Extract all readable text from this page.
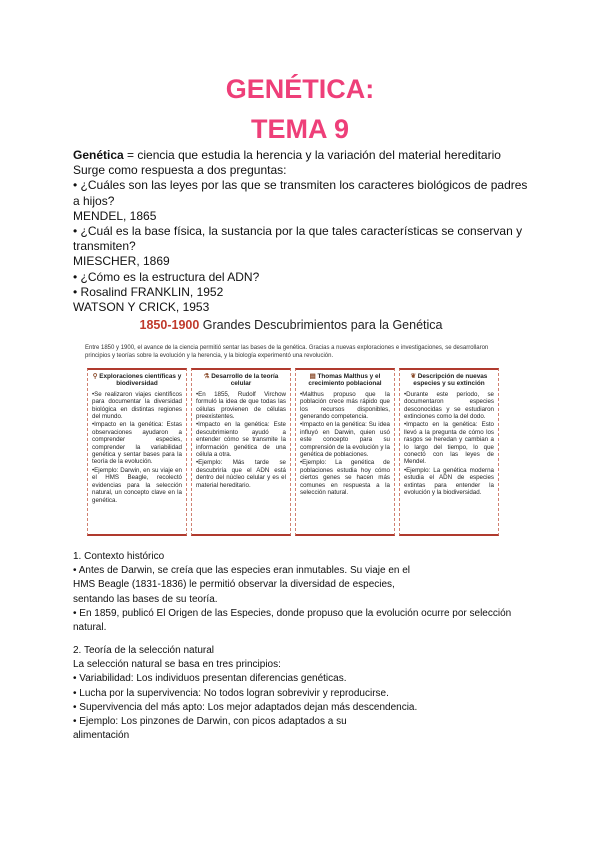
GENÉTICA:
TEMA 9

Genética = ciencia que estudia la herencia y la variación del material hereditario

Surge como respuesta a dos preguntas:

• ¿Cuáles son las leyes por las que se transmiten los caracteres biológicos de padres a hijos?

MENDEL, 1865

• ¿Cuál es la base física, la sustancia por la que tales características se conservan y transmiten?

MIESCHER, 1869

• ¿Cómo es la estructura del ADN?

• Rosalind FRANKLIN, 1952

WATSON Y CRICK, 1953

1850-1900 Grandes Descubrimientos para la Genética
Entre 1850 y 1900, el avance de la ciencia permitió sentar las bases de la genética. Gracias a nuevas exploraciones e investigaciones, se desarrollaron principios y teorías sobre la evolución y la herencia, y la biología experimentó una revolución.
⚲ Exploraciones científicas y biodiversidad

•Se realizaron viajes científicos para documentar la diversidad biológica en distintas regiones del mundo.

•Impacto en la genética: Estas observaciones ayudaron a comprender especies, comprender la variabilidad genética y sentar bases para la teoría de la evolución.

•Ejemplo: Darwin, en su viaje en el HMS Beagle, recolectó evidencias para la selección natural, un concepto clave en la genética.

⚗ Desarrollo de la teoría celular

•En 1855, Rudolf Virchow formuló la idea de que todas las células provienen de células preexistentes.

•Impacto en la genética: Este descubrimiento ayudó a entender cómo se transmite la información genética de una célula a otra.

•Ejemplo: Más tarde se descubriría que el ADN está dentro del núcleo celular y es el material hereditario.

▤ Thomas Malthus y el crecimiento poblacional

•Malthus propuso que la población crece más rápido que los recursos disponibles, generando competencia.

•Impacto en la genética: Su idea influyó en Darwin, quien usó este concepto para su comprensión de la evolución y la genética de poblaciones.

•Ejemplo: La genética de poblaciones estudia hoy cómo ciertos genes se hacen más comunes en respuesta a la selección natural.

❦ Descripción de nuevas especies y su extinción

•Durante este período, se documentaron especies desconocidas y se estudiaron extinciones como la del dodo.

•Impacto en la genética: Esto llevó a la pregunta de cómo los rasgos se heredan y cambian a lo largo del tiempo, lo que conectó con las leyes de Mendel.

•Ejemplo: La genética moderna estudia el ADN de especies extintas para entender la evolución y la biodiversidad.

1. Contexto histórico

• Antes de Darwin, se creía que las especies eran inmutables. Su viaje en el

HMS Beagle (1831-1836) le permitió observar la diversidad de especies,

sentando las bases de su teoría.

• En 1859, publicó El Origen de las Especies, donde propuso que la evolución ocurre por selección

natural.

2. Teoría de la selección natural

La selección natural se basa en tres principios:

• Variabilidad: Los individuos presentan diferencias genéticas.

• Lucha por la supervivencia: No todos logran sobrevivir y reproducirse.

• Supervivencia del más apto: Los mejor adaptados dejan más descendencia.

• Ejemplo: Los pinzones de Darwin, con picos adaptados a su

alimentación
